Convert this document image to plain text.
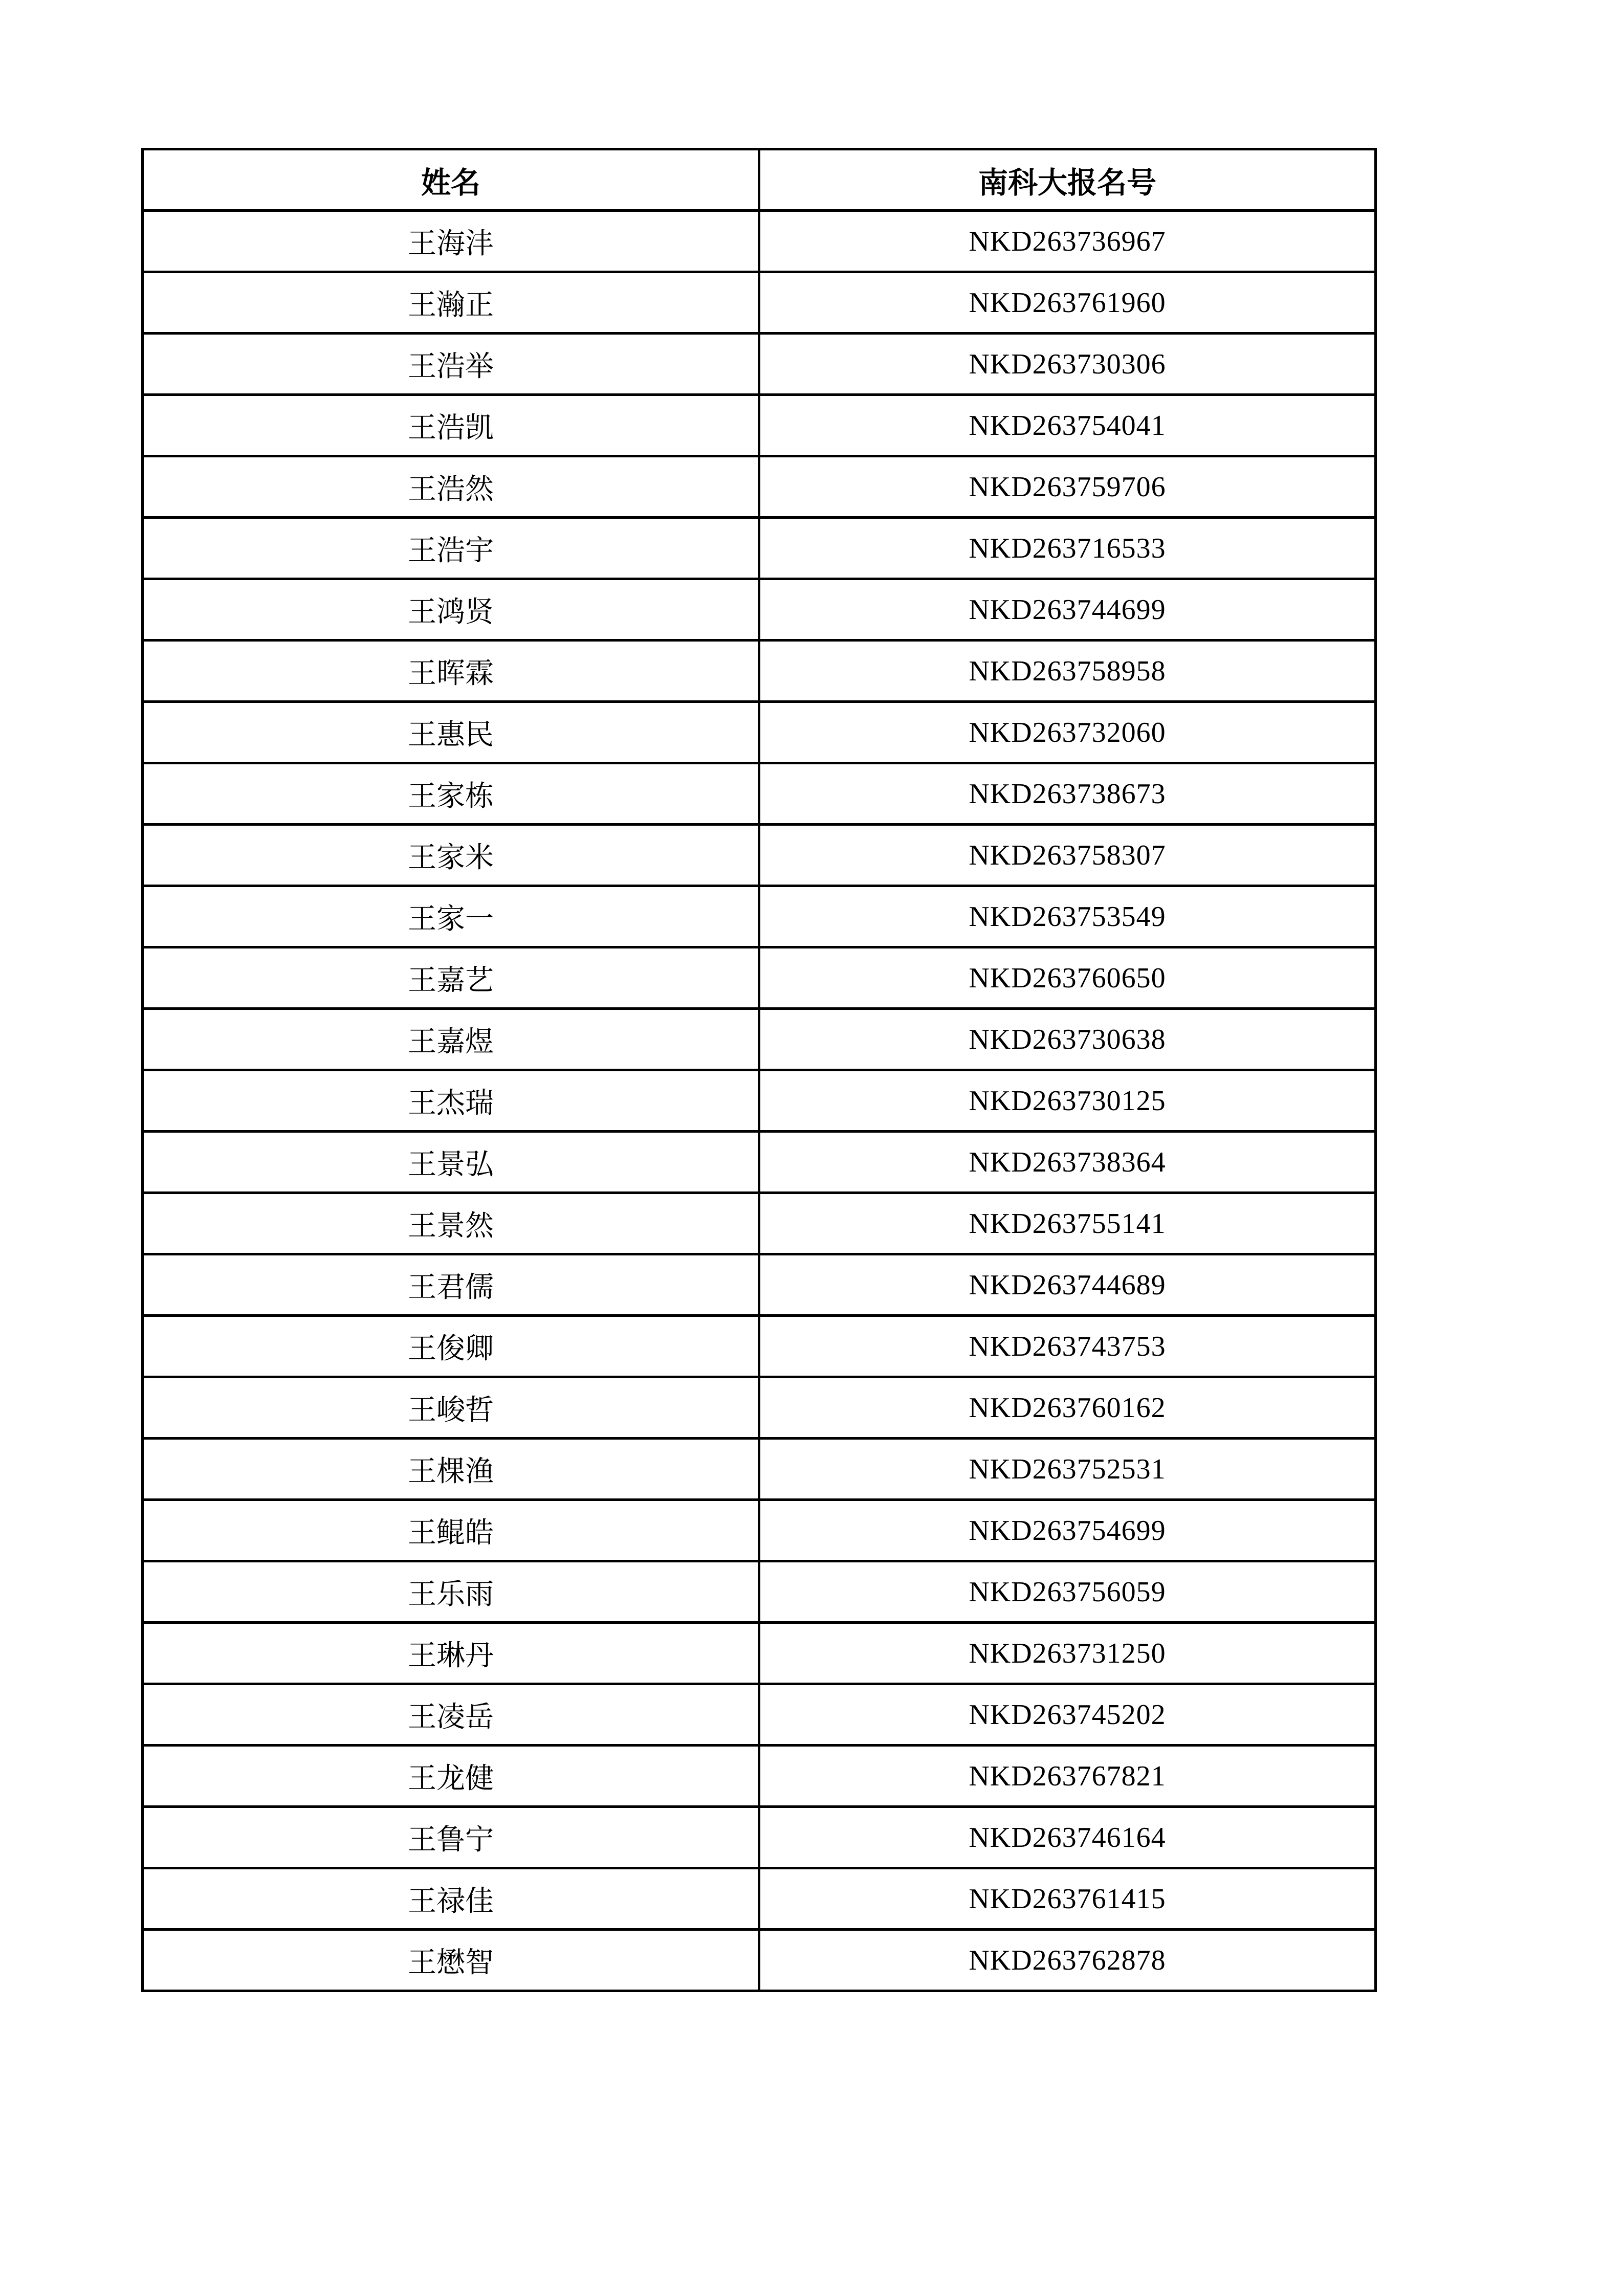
姓名	南科大报名号
王海沣	NKD263736967
王瀚正	NKD263761960
王浩举	NKD263730306
王浩凯	NKD263754041
王浩然	NKD263759706
王浩宇	NKD263716533
王鸿贤	NKD263744699
王晖霖	NKD263758958
王惠民	NKD263732060
王家栋	NKD263738673
王家米	NKD263758307
王家一	NKD263753549
王嘉艺	NKD263760650
王嘉煜	NKD263730638
王杰瑞	NKD263730125
王景弘	NKD263738364
王景然	NKD263755141
王君儒	NKD263744689
王俊卿	NKD263743753
王峻哲	NKD263760162
王棵渔	NKD263752531
王鲲皓	NKD263754699
王乐雨	NKD263756059
王琳丹	NKD263731250
王凌岳	NKD263745202
王龙健	NKD263767821
王鲁宁	NKD263746164
王禄佳	NKD263761415
王懋智	NKD263762878
